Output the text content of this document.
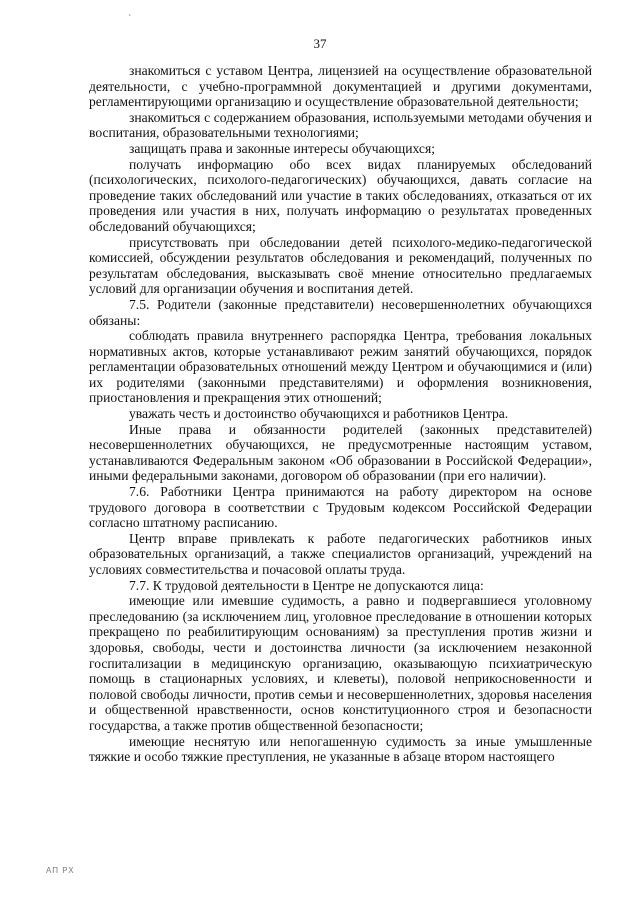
`
37

знакомиться с уставом Центра, лицензией на осуществление образовательной деятельности, с учебно-программной документацией и другими документами, регламентирующими организацию и осуществление образовательной деятельности;

знакомиться с содержанием образования, используемыми методами обучения и воспитания, образовательными технологиями;

защищать права и законные интересы обучающихся;

получать информацию обо всех видах планируемых обследований (психологических, психолого-педагогических) обучающихся, давать согласие на проведение таких обследований или участие в таких обследованиях, отказаться от их проведения или участия в них, получать информацию о результатах проведенных обследований обучающихся;

присутствовать при обследовании детей психолого-медико-педагогической комиссией, обсуждении результатов обследования и рекомендаций, полученных по результатам обследования, высказывать своё мнение относительно предлагаемых условий для организации обучения и воспитания детей.

7.5. Родители (законные представители) несовершеннолетних обучающихся обязаны:

соблюдать правила внутреннего распорядка Центра, требования локальных нормативных актов, которые устанавливают режим занятий обучающихся, порядок регламентации образовательных отношений между Центром и обучающимися и (или) их родителями (законными представителями) и оформления возникновения, приостановления и прекращения этих отношений;

уважать честь и достоинство обучающихся и работников Центра.

Иные права и обязанности родителей (законных представителей) несовершеннолетних обучающихся, не предусмотренные настоящим уставом, устанавливаются Федеральным законом «Об образовании в Российской Федерации», иными федеральными законами, договором об образовании (при его наличии).

7.6. Работники Центра принимаются на работу директором на основе трудового договора в соответствии с Трудовым кодексом Российской Федерации согласно штатному расписанию.

Центр вправе привлекать к работе педагогических работников иных образовательных организаций, а также специалистов организаций, учреждений на условиях совместительства и почасовой оплаты труда.

7.7. К трудовой деятельности в Центре не допускаются лица:

имеющие или имевшие судимость, а равно и подвергавшиеся уголовному преследованию (за исключением лиц, уголовное преследование в отношении которых прекращено по реабилитирующим основаниям) за преступления против жизни и здоровья, свободы, чести и достоинства личности (за исключением незаконной госпитализации в медицинскую организацию, оказывающую психиатрическую помощь в стационарных условиях, и клеветы), половой неприкосновенности и половой свободы личности, против семьи и несовершеннолетних, здоровья населения и общественной нравственности, основ конституционного строя и безопасности государства, а также против общественной безопасности;

имеющие неснятую или непогашенную судимость за иные умышленные тяжкие и особо тяжкие преступления, не указанные в абзаце втором настоящего

АП РХ
